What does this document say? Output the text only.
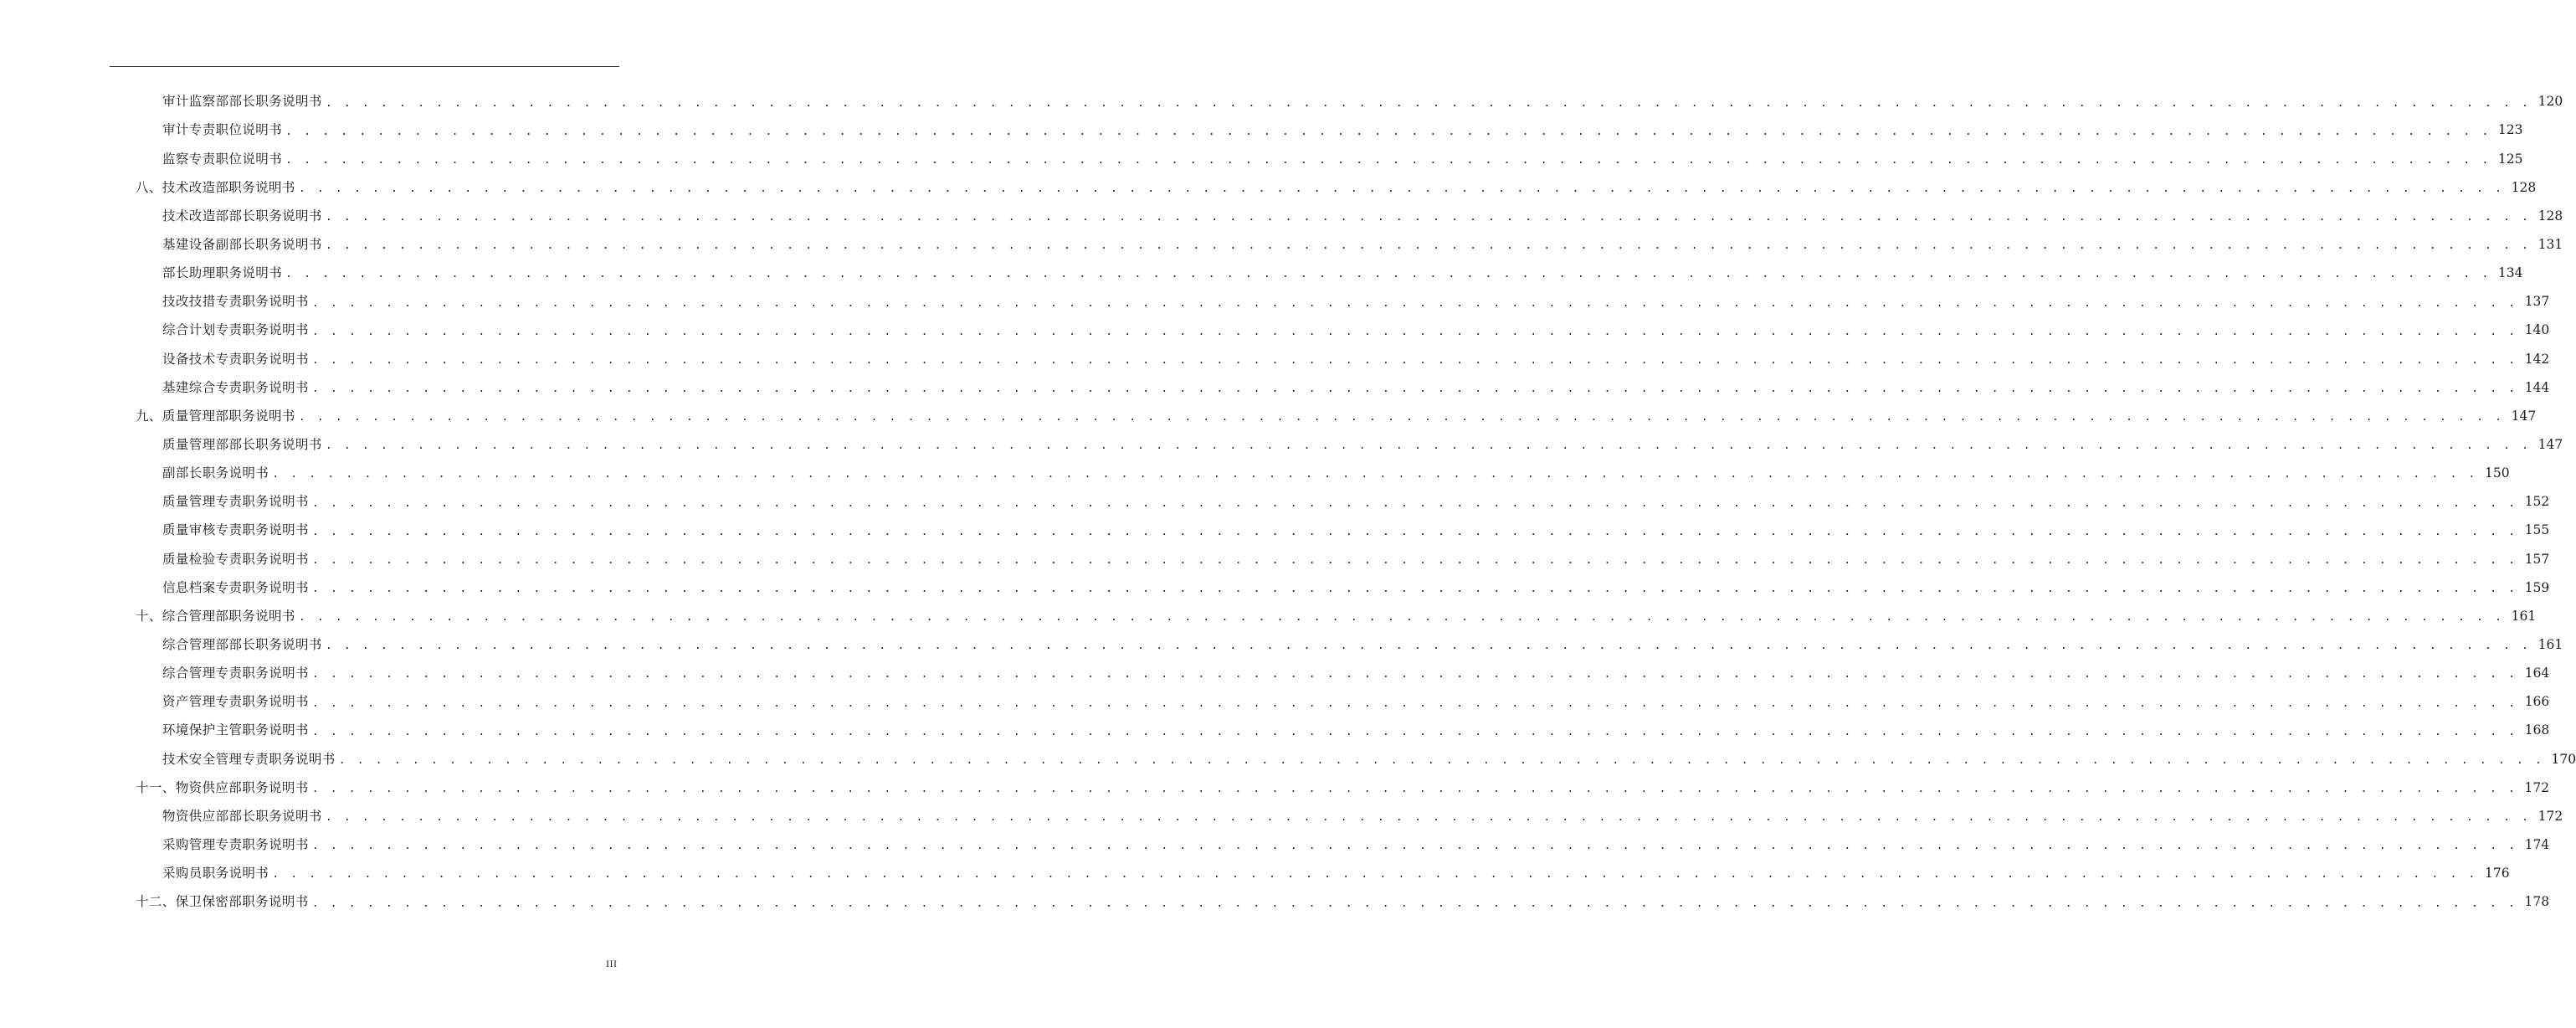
审计监察部部长职务说明书 . . . . . . . . . . . . . . . . . . . . . . . . . . . . . . . . . . . . . . . . . . . . . . . . . . . . . . . . . . . . . . . . . . . . . . . . . . . . . . . . . . . . . . . . . . . . . . . . . . . . . . . . . . . . . . . . . . . . . . . . 120
审计专责职位说明书 . . . . . . . . . . . . . . . . . . . . . . . . . . . . . . . . . . . . . . . . . . . . . . . . . . . . . . . . . . . . . . . . . . . . . . . . . . . . . . . . . . . . . . . . . . . . . . . . . . . . . . . . . . . . . . . . . . . . . . . . 123
监察专责职位说明书 . . . . . . . . . . . . . . . . . . . . . . . . . . . . . . . . . . . . . . . . . . . . . . . . . . . . . . . . . . . . . . . . . . . . . . . . . . . . . . . . . . . . . . . . . . . . . . . . . . . . . . . . . . . . . . . . . . . . . . . . 125
八、技术改造部职务说明书 . . . . . . . . . . . . . . . . . . . . . . . . . . . . . . . . . . . . . . . . . . . . . . . . . . . . . . . . . . . . . . . . . . . . . . . . . . . . . . . . . . . . . . . . . . . . . . . . . . . . . . . . . . . . . . . . . . . . . . . . 128
技术改造部部长职务说明书 . . . . . . . . . . . . . . . . . . . . . . . . . . . . . . . . . . . . . . . . . . . . . . . . . . . . . . . . . . . . . . . . . . . . . . . . . . . . . . . . . . . . . . . . . . . . . . . . . . . . . . . . . . . . . . . . . . . . . . . . 128
基建设备副部长职务说明书 . . . . . . . . . . . . . . . . . . . . . . . . . . . . . . . . . . . . . . . . . . . . . . . . . . . . . . . . . . . . . . . . . . . . . . . . . . . . . . . . . . . . . . . . . . . . . . . . . . . . . . . . . . . . . . . . . . . . . . . . 131
部长助理职务说明书 . . . . . . . . . . . . . . . . . . . . . . . . . . . . . . . . . . . . . . . . . . . . . . . . . . . . . . . . . . . . . . . . . . . . . . . . . . . . . . . . . . . . . . . . . . . . . . . . . . . . . . . . . . . . . . . . . . . . . . . . 134
技改技措专责职务说明书 . . . . . . . . . . . . . . . . . . . . . . . . . . . . . . . . . . . . . . . . . . . . . . . . . . . . . . . . . . . . . . . . . . . . . . . . . . . . . . . . . . . . . . . . . . . . . . . . . . . . . . . . . . . . . . . . . . . . . . . . 137
综合计划专责职务说明书 . . . . . . . . . . . . . . . . . . . . . . . . . . . . . . . . . . . . . . . . . . . . . . . . . . . . . . . . . . . . . . . . . . . . . . . . . . . . . . . . . . . . . . . . . . . . . . . . . . . . . . . . . . . . . . . . . . . . . . . . 140
设备技术专责职务说明书 . . . . . . . . . . . . . . . . . . . . . . . . . . . . . . . . . . . . . . . . . . . . . . . . . . . . . . . . . . . . . . . . . . . . . . . . . . . . . . . . . . . . . . . . . . . . . . . . . . . . . . . . . . . . . . . . . . . . . . . . 142
基建综合专责职务说明书 . . . . . . . . . . . . . . . . . . . . . . . . . . . . . . . . . . . . . . . . . . . . . . . . . . . . . . . . . . . . . . . . . . . . . . . . . . . . . . . . . . . . . . . . . . . . . . . . . . . . . . . . . . . . . . . . . . . . . . . . 144
九、质量管理部职务说明书 . . . . . . . . . . . . . . . . . . . . . . . . . . . . . . . . . . . . . . . . . . . . . . . . . . . . . . . . . . . . . . . . . . . . . . . . . . . . . . . . . . . . . . . . . . . . . . . . . . . . . . . . . . . . . . . . . . . . . . . . 147
质量管理部部长职务说明书 . . . . . . . . . . . . . . . . . . . . . . . . . . . . . . . . . . . . . . . . . . . . . . . . . . . . . . . . . . . . . . . . . . . . . . . . . . . . . . . . . . . . . . . . . . . . . . . . . . . . . . . . . . . . . . . . . . . . . . . . 147
副部长职务说明书 . . . . . . . . . . . . . . . . . . . . . . . . . . . . . . . . . . . . . . . . . . . . . . . . . . . . . . . . . . . . . . . . . . . . . . . . . . . . . . . . . . . . . . . . . . . . . . . . . . . . . . . . . . . . . . . . . . . . . . . . 150
质量管理专责职务说明书 . . . . . . . . . . . . . . . . . . . . . . . . . . . . . . . . . . . . . . . . . . . . . . . . . . . . . . . . . . . . . . . . . . . . . . . . . . . . . . . . . . . . . . . . . . . . . . . . . . . . . . . . . . . . . . . . . . . . . . . . 152
质量审核专责职务说明书 . . . . . . . . . . . . . . . . . . . . . . . . . . . . . . . . . . . . . . . . . . . . . . . . . . . . . . . . . . . . . . . . . . . . . . . . . . . . . . . . . . . . . . . . . . . . . . . . . . . . . . . . . . . . . . . . . . . . . . . . 155
质量检验专责职务说明书 . . . . . . . . . . . . . . . . . . . . . . . . . . . . . . . . . . . . . . . . . . . . . . . . . . . . . . . . . . . . . . . . . . . . . . . . . . . . . . . . . . . . . . . . . . . . . . . . . . . . . . . . . . . . . . . . . . . . . . . . 157
信息档案专责职务说明书 . . . . . . . . . . . . . . . . . . . . . . . . . . . . . . . . . . . . . . . . . . . . . . . . . . . . . . . . . . . . . . . . . . . . . . . . . . . . . . . . . . . . . . . . . . . . . . . . . . . . . . . . . . . . . . . . . . . . . . . . 159
十、综合管理部职务说明书 . . . . . . . . . . . . . . . . . . . . . . . . . . . . . . . . . . . . . . . . . . . . . . . . . . . . . . . . . . . . . . . . . . . . . . . . . . . . . . . . . . . . . . . . . . . . . . . . . . . . . . . . . . . . . . . . . . . . . . . . 161
综合管理部部长职务说明书 . . . . . . . . . . . . . . . . . . . . . . . . . . . . . . . . . . . . . . . . . . . . . . . . . . . . . . . . . . . . . . . . . . . . . . . . . . . . . . . . . . . . . . . . . . . . . . . . . . . . . . . . . . . . . . . . . . . . . . . . 161
综合管理专责职务说明书 . . . . . . . . . . . . . . . . . . . . . . . . . . . . . . . . . . . . . . . . . . . . . . . . . . . . . . . . . . . . . . . . . . . . . . . . . . . . . . . . . . . . . . . . . . . . . . . . . . . . . . . . . . . . . . . . . . . . . . . . 164
资产管理专责职务说明书 . . . . . . . . . . . . . . . . . . . . . . . . . . . . . . . . . . . . . . . . . . . . . . . . . . . . . . . . . . . . . . . . . . . . . . . . . . . . . . . . . . . . . . . . . . . . . . . . . . . . . . . . . . . . . . . . . . . . . . . . 166
环境保护主管职务说明书 . . . . . . . . . . . . . . . . . . . . . . . . . . . . . . . . . . . . . . . . . . . . . . . . . . . . . . . . . . . . . . . . . . . . . . . . . . . . . . . . . . . . . . . . . . . . . . . . . . . . . . . . . . . . . . . . . . . . . . . . 168
技术安全管理专责职务说明书 . . . . . . . . . . . . . . . . . . . . . . . . . . . . . . . . . . . . . . . . . . . . . . . . . . . . . . . . . . . . . . . . . . . . . . . . . . . . . . . . . . . . . . . . . . . . . . . . . . . . . . . . . . . . . . . . . . . . . . . . 170
十一、物资供应部职务说明书 . . . . . . . . . . . . . . . . . . . . . . . . . . . . . . . . . . . . . . . . . . . . . . . . . . . . . . . . . . . . . . . . . . . . . . . . . . . . . . . . . . . . . . . . . . . . . . . . . . . . . . . . . . . . . . . . . . . . . . . . 172
物资供应部部长职务说明书 . . . . . . . . . . . . . . . . . . . . . . . . . . . . . . . . . . . . . . . . . . . . . . . . . . . . . . . . . . . . . . . . . . . . . . . . . . . . . . . . . . . . . . . . . . . . . . . . . . . . . . . . . . . . . . . . . . . . . . . . 172
采购管理专责职务说明书 . . . . . . . . . . . . . . . . . . . . . . . . . . . . . . . . . . . . . . . . . . . . . . . . . . . . . . . . . . . . . . . . . . . . . . . . . . . . . . . . . . . . . . . . . . . . . . . . . . . . . . . . . . . . . . . . . . . . . . . . 174
采购员职务说明书 . . . . . . . . . . . . . . . . . . . . . . . . . . . . . . . . . . . . . . . . . . . . . . . . . . . . . . . . . . . . . . . . . . . . . . . . . . . . . . . . . . . . . . . . . . . . . . . . . . . . . . . . . . . . . . . . . . . . . . . . 176
十二、保卫保密部职务说明书 . . . . . . . . . . . . . . . . . . . . . . . . . . . . . . . . . . . . . . . . . . . . . . . . . . . . . . . . . . . . . . . . . . . . . . . . . . . . . . . . . . . . . . . . . . . . . . . . . . . . . . . . . . . . . . . . . . . . . . . . 178
III
